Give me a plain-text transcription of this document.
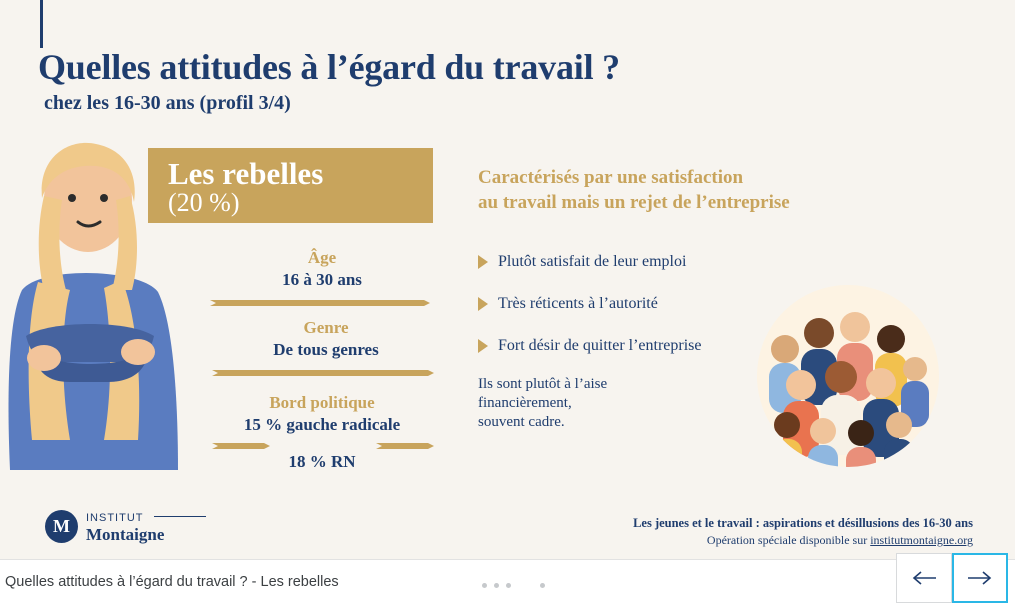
Quelles attitudes à l’égard du travail ?
chez les 16-30 ans (profil 3/4)
Les rebelles
(20 %)
Âge
16 à 30 ans
Genre
De tous genres
Bord politique
15 % gauche radicale
18 % RN
Caractérisés par une satisfaction
au travail mais un rejet de l’entreprise
Plutôt satisfait de leur emploi
Très réticents à l’autorité
Fort désir de quitter l’entreprise
Ils sont plutôt à l’aise
financièrement,
souvent cadre.
M	INSTITUT
Montaigne
Les jeunes et le travail : aspirations et désillusions des 16-30 ans
Opération spéciale disponible sur institutmontaigne.org
Quelles attitudes à l’égard du travail ? - Les rebelles
